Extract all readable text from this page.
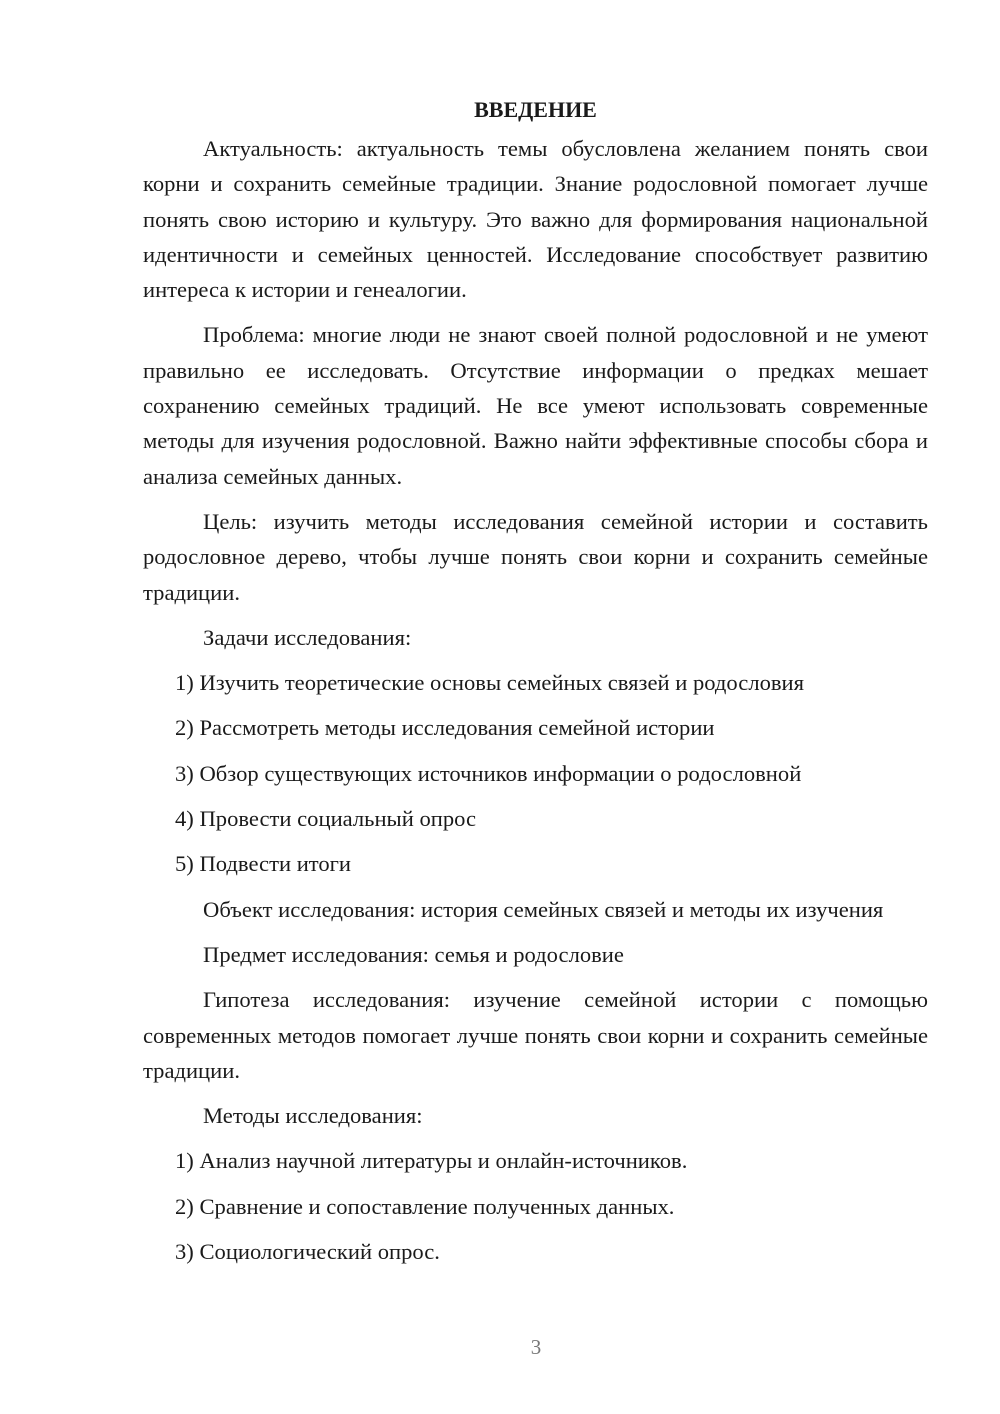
ВВЕДЕНИЕ

Актуальность: актуальность темы обусловлена желанием понять свои корни и сохранить семейные традиции. Знание родословной помогает лучше понять свою историю и культуру. Это важно для формирования национальной идентичности и семейных ценностей. Исследование способствует развитию интереса к истории и генеалогии.

Проблема: многие люди не знают своей полной родословной и не умеют правильно ее исследовать. Отсутствие информации о предках мешает сохранению семейных традиций. Не все умеют использовать современные методы для изучения родословной. Важно найти эффективные способы сбора и анализа семейных данных.

Цель: изучить методы исследования семейной истории и составить родословное дерево, чтобы лучше понять свои корни и сохранить семейные традиции.

Задачи исследования:

1) Изучить теоретические основы семейных связей и родословия

2) Рассмотреть методы исследования семейной истории

3) Обзор существующих источников информации о родословной

4) Провести социальный опрос

5) Подвести итоги

Объект исследования: история семейных связей и методы их изучения

Предмет исследования: семья и родословие

Гипотеза исследования: изучение семейной истории с помощью современных методов помогает лучше понять свои корни и сохранить семейные традиции.

Методы исследования:

1) Анализ научной литературы и онлайн-источников.

2) Сравнение и сопоставление полученных данных.

3) Социологический опрос.

3
